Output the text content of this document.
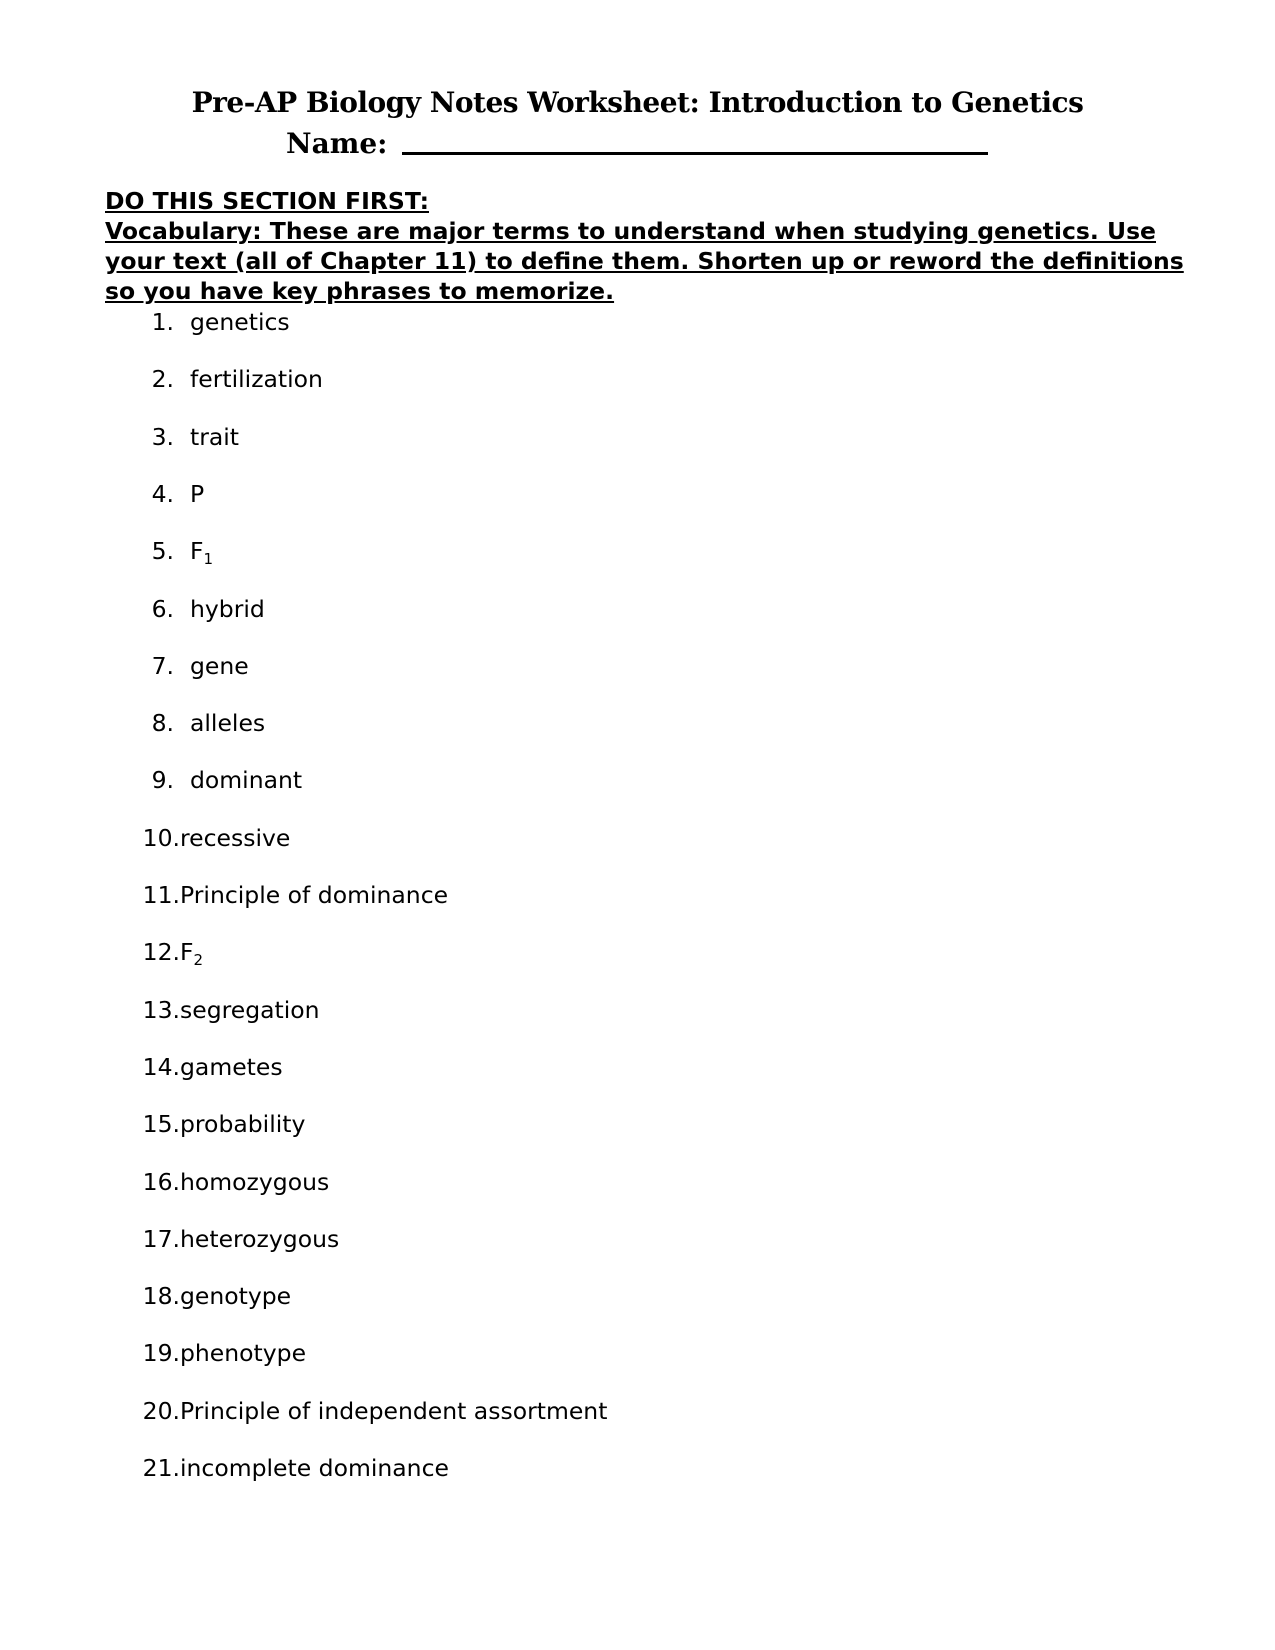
Pre-AP Biology Notes Worksheet: Introduction to Genetics
Name:

DO THIS SECTION FIRST:

Vocabulary: These are major terms to understand when studying genetics. Use your text (all of Chapter 11) to define them. Shorten up or reword the definitions so you have key phrases to memorize.

1. genetics
2. fertilization
3. trait
4. P
5. $F_1$
6. hybrid
7. gene
8. alleles
9. dominant
10.recessive
11.Principle of dominance
$12.F_2$
13.segregation
14.gametes
15.probability
16.homozygous
17.heterozygous
18.genotype
19.phenotype
20.Principle of independent assortment
21.incomplete dominance
